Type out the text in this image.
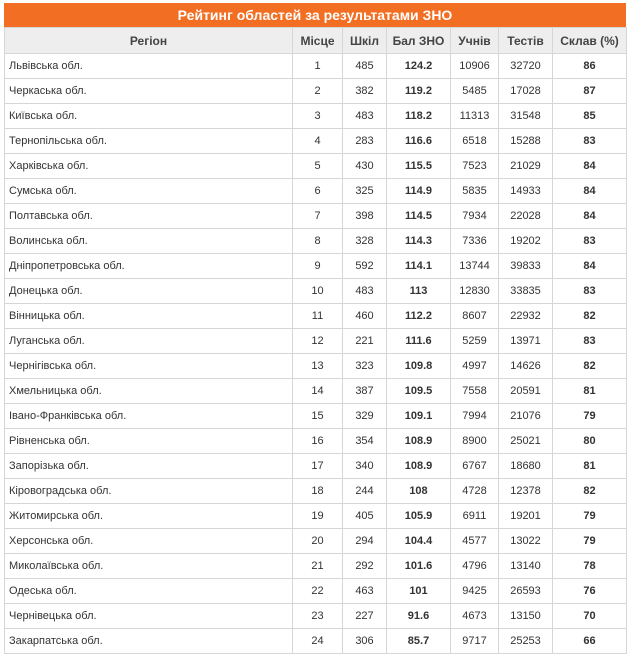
Рейтинг областей за результатами ЗНО
Регіон	Місце	Шкіл	Бал ЗНО	Учнів	Тестів	Склав (%)
Львівська обл.	1	485	124.2	10906	32720	86
Черкаська обл.	2	382	119.2	5485	17028	87
Київська обл.	3	483	118.2	11313	31548	85
Тернопільська обл.	4	283	116.6	6518	15288	83
Харківська обл.	5	430	115.5	7523	21029	84
Сумська обл.	6	325	114.9	5835	14933	84
Полтавська обл.	7	398	114.5	7934	22028	84
Волинська обл.	8	328	114.3	7336	19202	83
Дніпропетровська обл.	9	592	114.1	13744	39833	84
Донецька обл.	10	483	113	12830	33835	83
Вінницька обл.	11	460	112.2	8607	22932	82
Луганська обл.	12	221	111.6	5259	13971	83
Чернігівська обл.	13	323	109.8	4997	14626	82
Хмельницька обл.	14	387	109.5	7558	20591	81
Івано-Франківська обл.	15	329	109.1	7994	21076	79
Рівненська обл.	16	354	108.9	8900	25021	80
Запорізька обл.	17	340	108.9	6767	18680	81
Кіровоградська обл.	18	244	108	4728	12378	82
Житомирська обл.	19	405	105.9	6911	19201	79
Херсонська обл.	20	294	104.4	4577	13022	79
Миколаївська обл.	21	292	101.6	4796	13140	78
Одеська обл.	22	463	101	9425	26593	76
Чернівецька обл.	23	227	91.6	4673	13150	70
Закарпатська обл.	24	306	85.7	9717	25253	66
